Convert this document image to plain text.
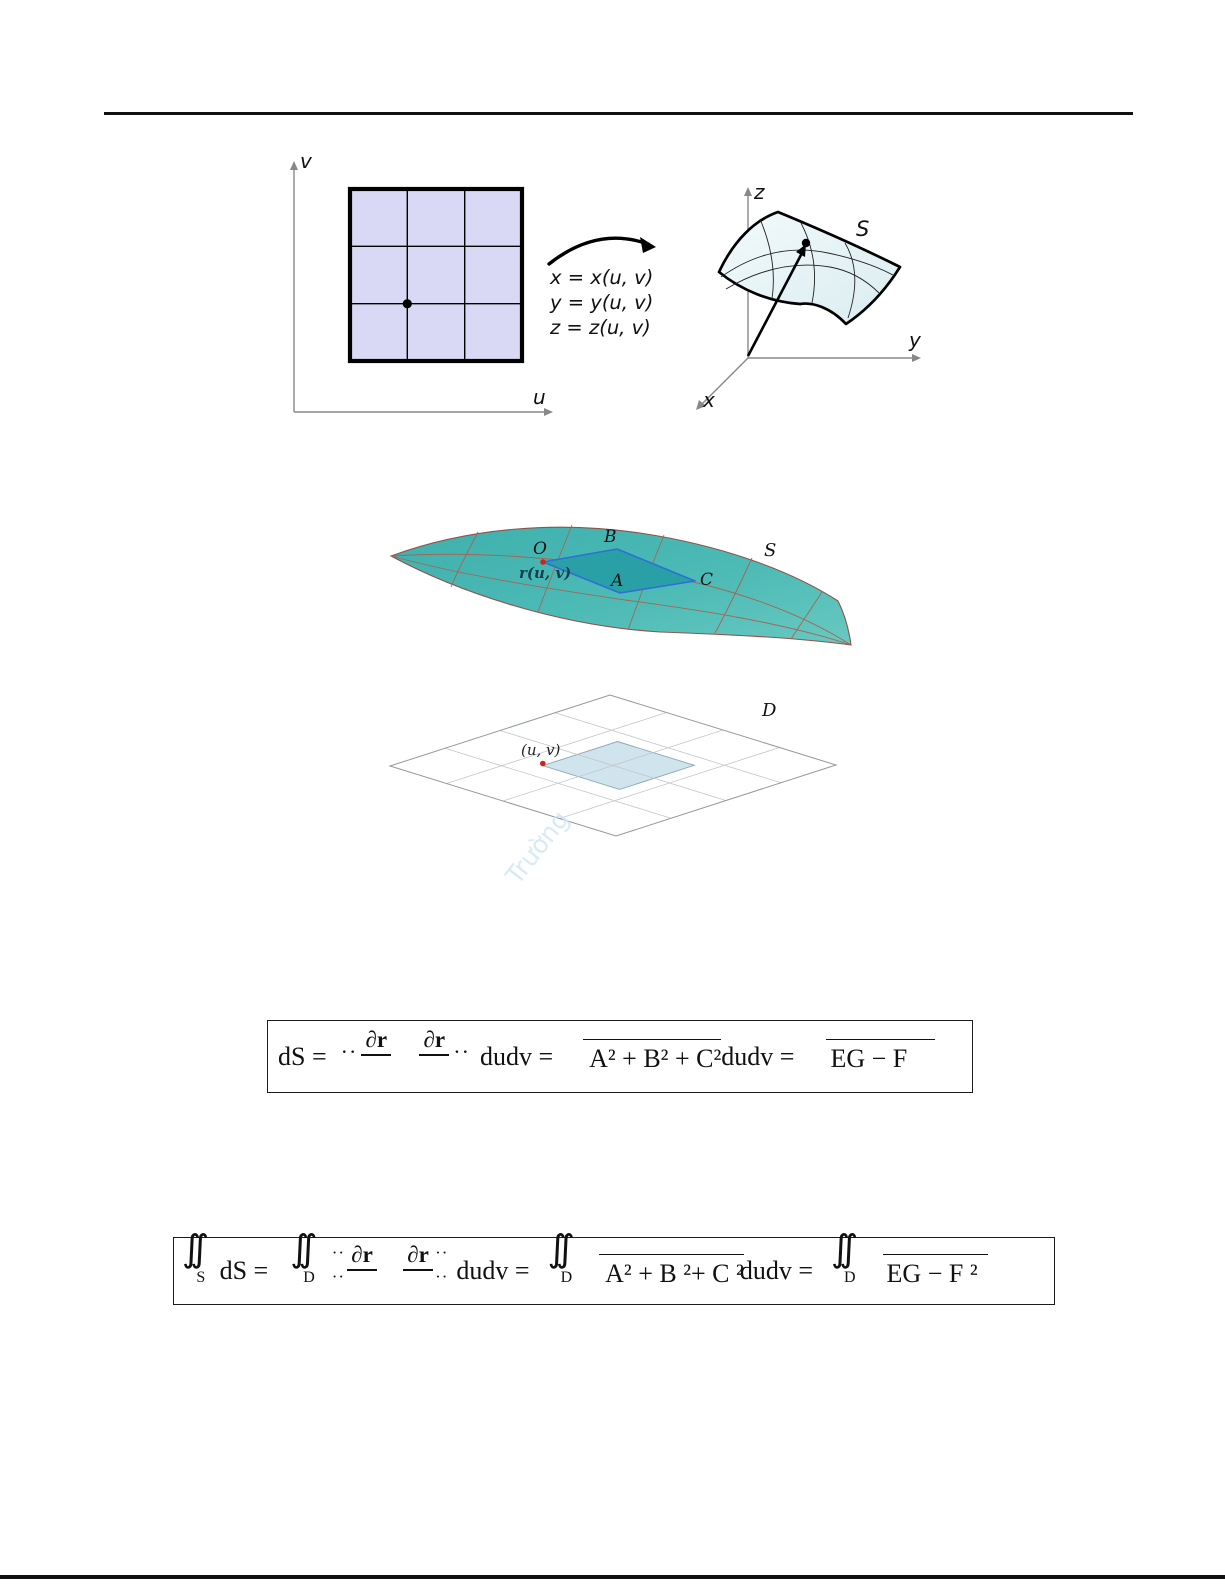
v
u
x = x(u, v)
y = y(u, v)
z = z(u, v)
z
y
x
S
O
B
A	C
r(u, v)
S
(u, v)
D
Trường
dS = ·· ∂r ∂r ·· dudv = A² + B² + C² dudv = EG − F
∫∫
S dS =
∫∫
D
··
··
∂r ∂r ··
·· dudv =
∫∫
D A² + B ²+ C ²
dudv =
∫∫
D EG − F ²
